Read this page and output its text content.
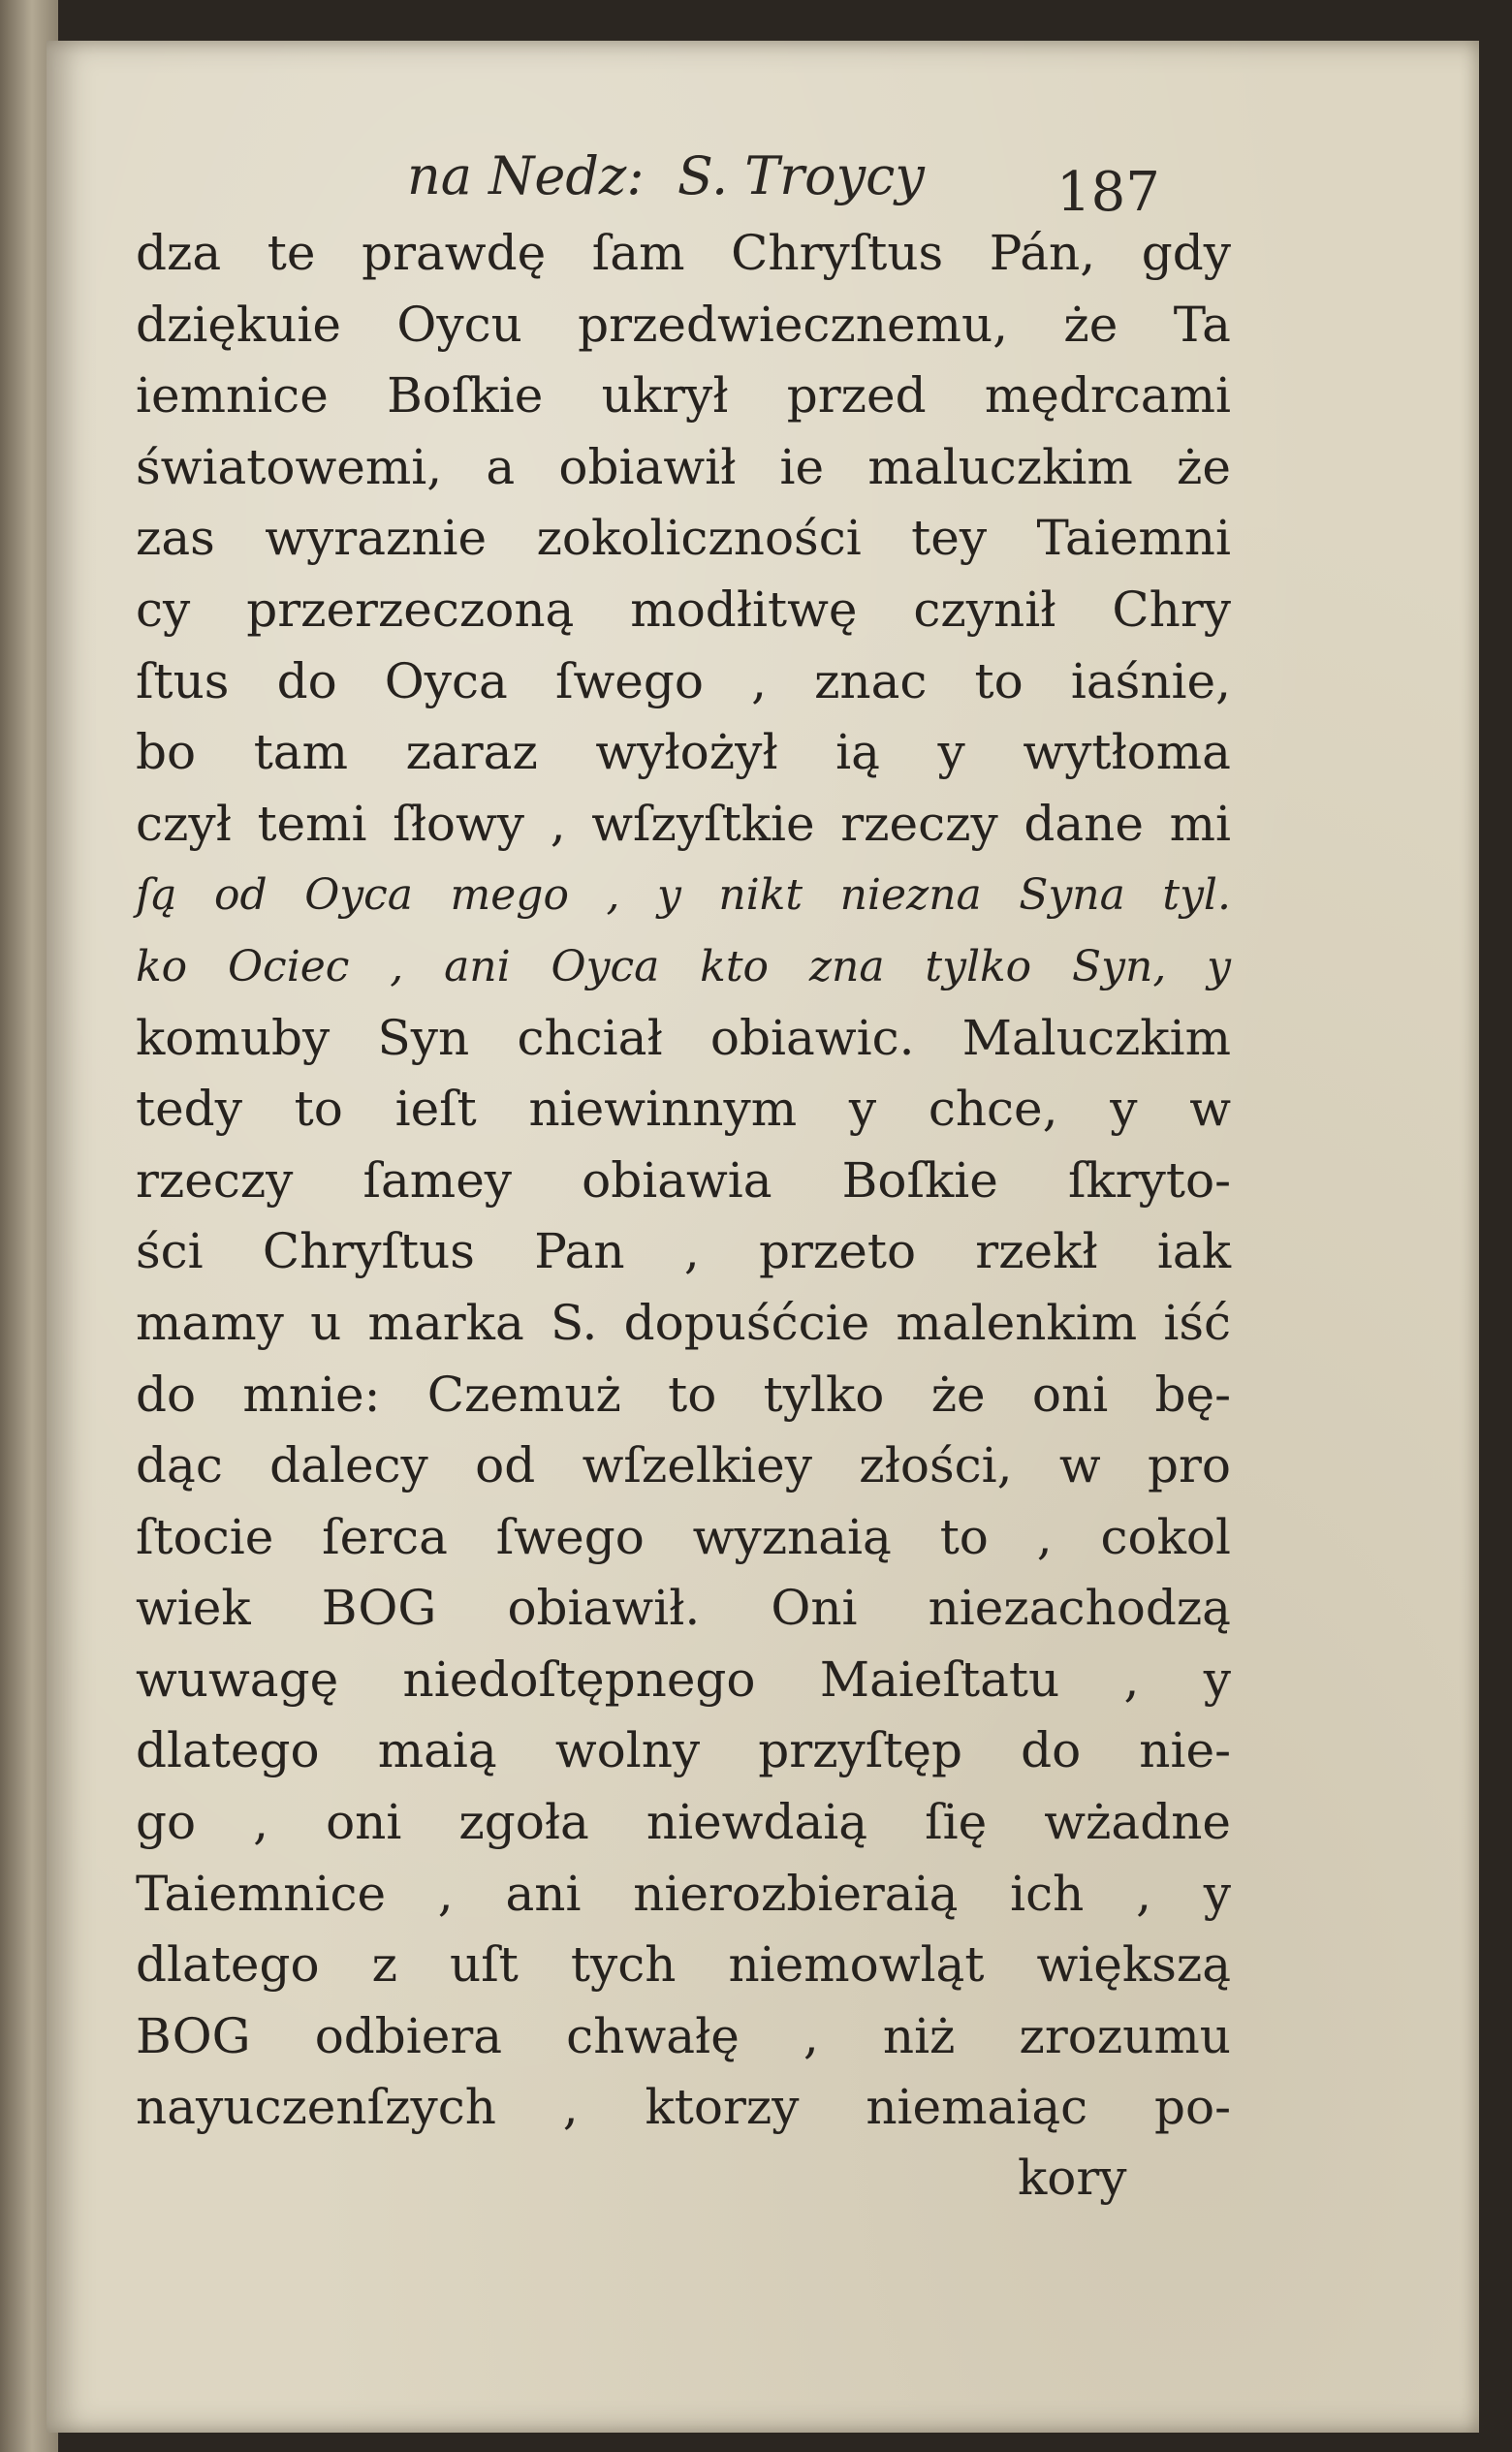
na Nedz:  S. Troycy 187
dza te prawdę ſam Chryſtus Pán, gdy
dziękuie Oycu przedwiecznemu, że Ta
iemnice Boſkie ukrył przed mędrcami
światowemi, a obiawił ie maluczkim że
zas wyraznie zokoliczności tey Taiemni
cy przerzeczoną modłitwę czynił Chry
ſtus do Oyca ſwego , znac to iaśnie,
bo tam zaraz wyłożył ią y wytłoma
czył temi ſłowy , wſzyſtkie rzeczy dane mi
ſą od Oyca mego , y nikt niezna Syna tyl.
ko Ociec , ani Oyca kto zna tylko Syn, y
komuby Syn chciał obiawic. Maluczkim
tedy to ieſt niewinnym y chce, y w
rzeczy ſamey obiawia Boſkie ſkryto-
ści Chryſtus Pan , przeto rzekł iak
mamy u marka S. dopuśćcie malenkim iść
do mnie: Czemuż to tylko że oni bę-
dąc dalecy od wſzelkiey złości, w pro
ſtocie ſerca ſwego wyznaią to , cokol
wiek BOG obiawił. Oni niezachodzą
wuwagę niedoſtępnego Maieſtatu , y
dlatego maią wolny przyſtęp do nie-
go , oni zgoła niewdaią ſię wżadne
Taiemnice , ani nierozbieraią ich , y
dlatego z uſt tych niemowląt większą
BOG odbiera chwałę , niż zrozumu
nayuczenſzych , ktorzy niemaiąc po-
kory
